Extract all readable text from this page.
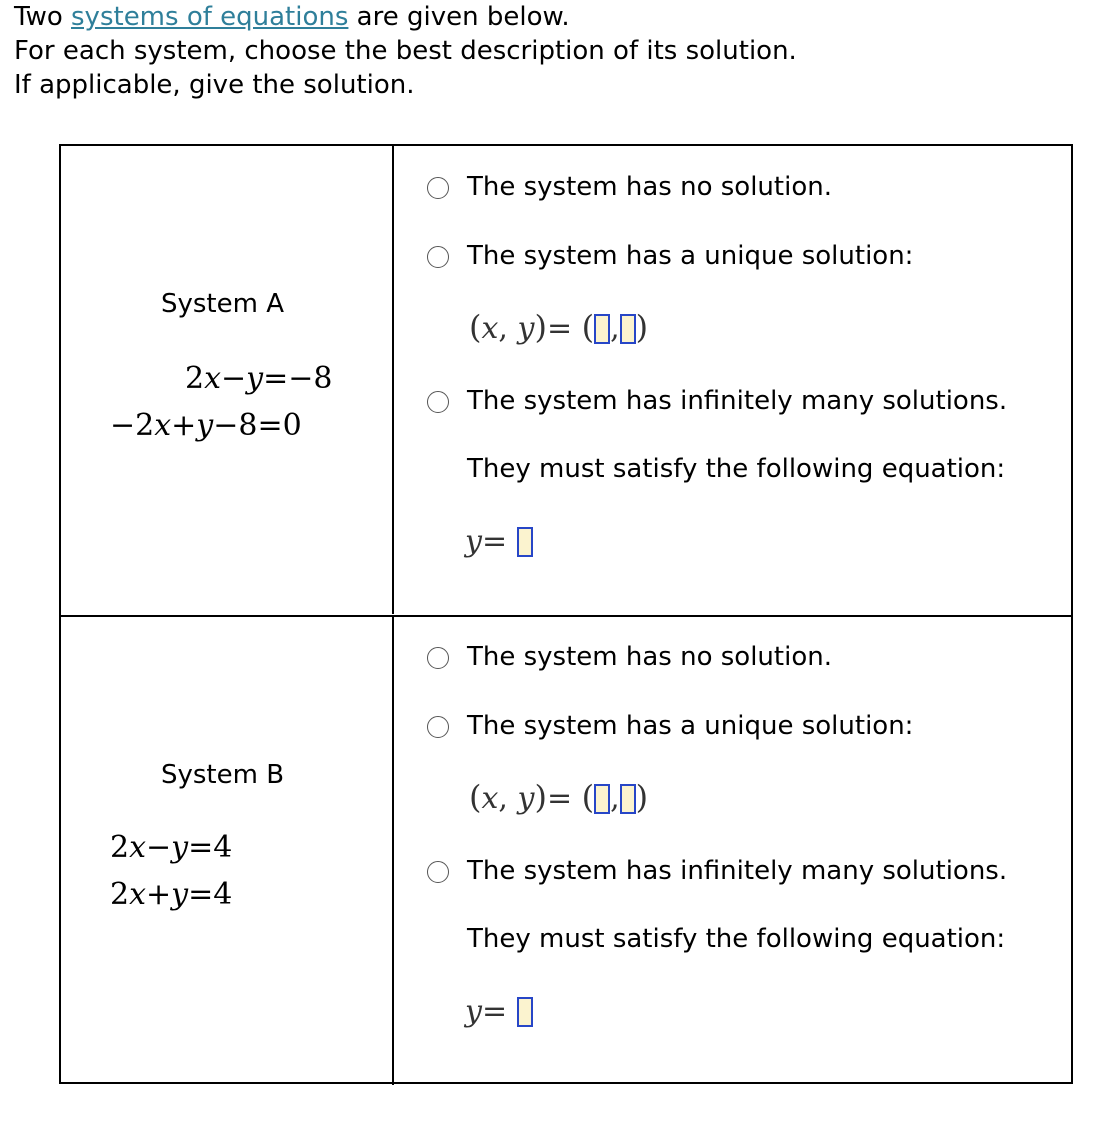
Two systems of equations are given below.
For each system, choose the best description of its solution.
If applicable, give the solution.
System A
2x−y=−8
−2x+y−8=0
The system has no solution.
The system has a unique solution:
(x, y)= ( , )
The system has infinitely many solutions.
They must satisfy the following equation:
y=
System B
2x−y=4
2x+y=4
The system has no solution.
The system has a unique solution:
(x, y)= ( , )
The system has infinitely many solutions.
They must satisfy the following equation:
y=
